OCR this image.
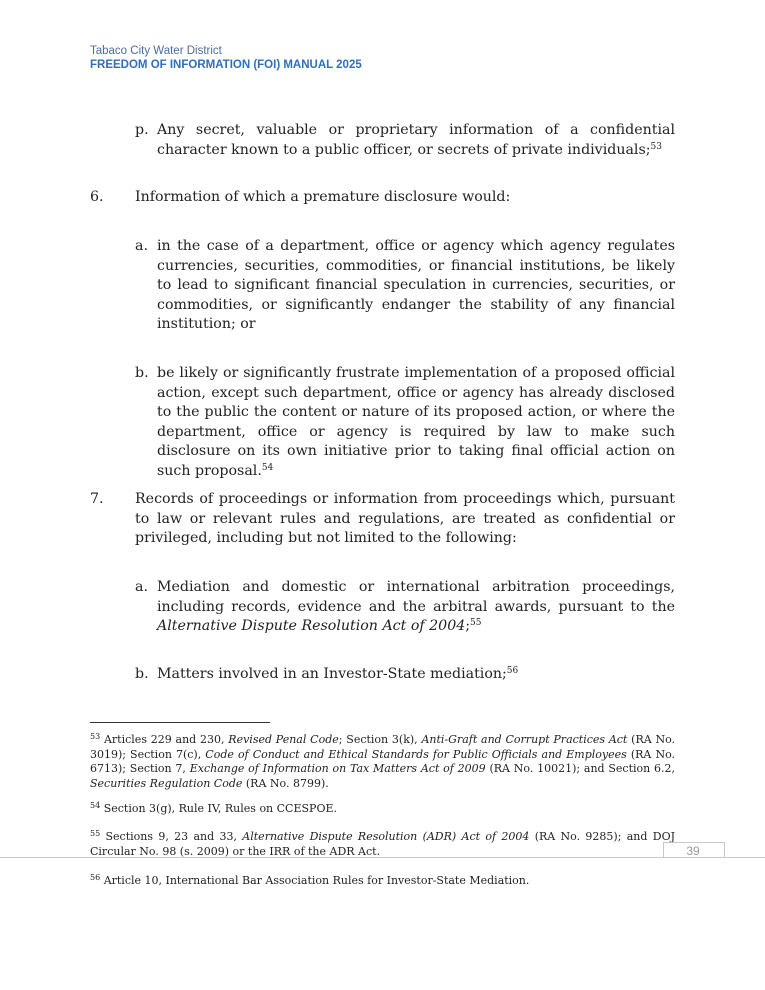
Tabaco City Water District
FREEDOM OF INFORMATION (FOI) MANUAL 2025
p. Any secret, valuable or proprietary information of a confidential character known to a public officer, or secrets of private individuals;$^{53}$
6. Information of which a premature disclosure would:
a. in the case of a department, office or agency which agency regulates currencies, securities, commodities, or financial institutions, be likely to lead to significant financial speculation in currencies, securities, or commodities, or significantly endanger the stability of any financial institution; or
b. be likely or significantly frustrate implementation of a proposed official action, except such department, office or agency has already disclosed to the public the content or nature of its proposed action, or where the department, office or agency is required by law to make such disclosure on its own initiative prior to taking final official action on such proposal.$^{54}$
7. Records of proceedings or information from proceedings which, pursuant to law or relevant rules and regulations, are treated as confidential or privileged, including but not limited to the following:
a. Mediation and domestic or international arbitration proceedings, including records, evidence and the arbitral awards, pursuant to the Alternative Dispute Resolution Act of 2004;$^{55}$
b. Matters involved in an Investor-State mediation;$^{56}$
$^{53}$ Articles 229 and 230, Revised Penal Code; Section 3(k), Anti-Graft and Corrupt Practices Act (RA No. 3019); Section 7(c), Code of Conduct and Ethical Standards for Public Officials and Employees (RA No. 6713); Section 7, Exchange of Information on Tax Matters Act of 2009 (RA No. 10021); and Section 6.2, Securities Regulation Code (RA No. 8799).
$^{54}$ Section 3(g), Rule IV, Rules on CCESPOE.
$^{55}$ Sections 9, 23 and 33, Alternative Dispute Resolution (ADR) Act of 2004 (RA No. 9285); and DOJ Circular No. 98 (s. 2009) or the IRR of the ADR Act.	39
$^{56}$ Article 10, International Bar Association Rules for Investor-State Mediation.
